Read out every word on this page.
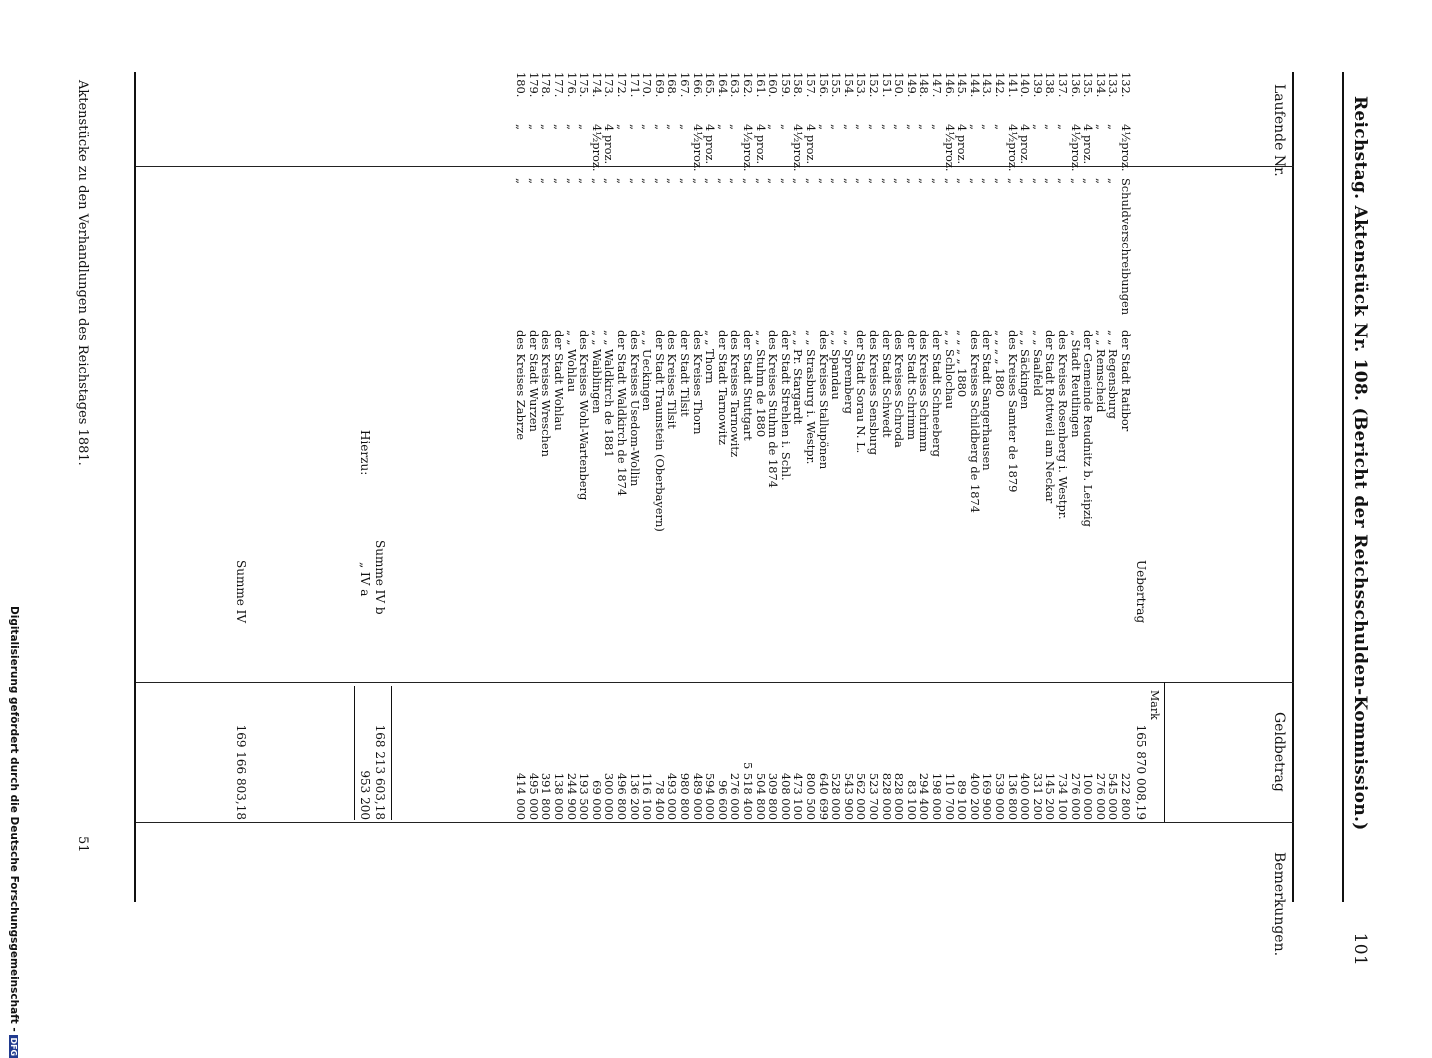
Reichstag. Aktenstück Nr. 108. (Bericht der Reichsschulden-Kommission.)
101
Laufende Nr.
Geldbetrag
Bemerkungen.
Mark
Uebertrag
165 870 008,19
132.
4½proz.
Schuldverschreibungen
der Stadt Ratibor
222 800
133.
„
„
„ „ Regensburg
545 000
134.
„
„
„ „ Remscheid
276 000
135.
4 proz.
„
der Gemeinde Reudnitz b. Leipzig
100 000
136.
4½proz.
„
„ Stadt Reutlingen
276 000
137.
„
„
des Kreises Rosenberg i. Westpr.
734 100
138.
„
„
der Stadt Rottweil am Neckar
145 200
139.
„
„
„ „ Saalfeld
331 200
140.
4 proz.
„
„ „ Säckingen
400 000
141.
4½proz.
„
des Kreises Samter de 1879
136 800
142.
„
„
„ „ „ „ 1880
539 000
143.
„
„
der Stadt Sangerhausen
169 900
144.
„
„
des Kreises Schildberg de 1874
400 200
145.
4 proz.
„
„ „ „ „ 1880
89 100
146.
4½proz.
„
„ „ Schlochau
110 700
147.
„
„
der Stadt Schneeberg
198 000
148.
„
„
des Kreises Schrimm
294 400
149.
„
„
der Stadt Schrimm
83 100
150.
„
„
des Kreises Schroda
828 000
151.
„
„
der Stadt Schwedt
828 000
152.
„
„
des Kreises Sensburg
523 700
153.
„
„
der Stadt Sorau N. L.
562 000
154.
„
„
„ „ Spremberg
543 900
155.
„
„
„ „ Spandau
528 000
156.
„
„
des Kreises Stallupönen
640 699
157.
4 proz.
„
„ „ Strasburg i. Westpr.
800 500
158.
4½proz.
„
„ „ Pr. Stargardt
473 100
159.
„
„
der Stadt Strehlen i. Schl.
408 000
160.
„
„
des Kreises Stuhm de 1874
309 800
161.
4 proz.
„
„ „ Stuhm de 1880
504 800
162.
4½proz.
„
der Stadt Stuttgart
5 518 400
163.
„
„
des Kreises Tarnowitz
276 000
164.
„
„
der Stadt Tarnowitz
96 600
165.
4 proz.
„
„ „ Thorn
594 000
166.
4½proz.
„
des Kreises Thorn
489 000
167.
„
„
der Stadt Tilsit
980 800
168.
„
„
des Kreises Tilsit
493 000
169.
„
„
der Stadt Traunstein (Oberbayern)
78 400
170.
„
„
„ „ Ueckingen
116 100
171.
„
„
des Kreises Usedom-Wollin
136 200
172.
„
„
der Stadt Waldkirch de 1874
496 800
173.
4 proz.
„
„ „ Waldkirch de 1881
300 000
174.
4½proz.
„
„ „ Waiblingen
69 000
175.
„
„
des Kreises Wohl-Wartenberg
193 500
176.
„
„
„ „ Wohlau
244 900
177.
„
„
der Stadt Wohlau
138 000
178.
„
„
des Kreises Wreschen
391 800
179.
„
„
der Stadt Wurzen
495 000
180.
„
„
des Kreises Zabrze
414 000
Summe IV b
168 213 603,18
Hierzu:
„ IV a
953 200
Summe IV
169 166 803,18
Aktenstücke zu den Verhandlungen des Reichstages 1881.
51
Digitalisierung gefördert durch die Deutsche Forschungsgemeinschaft - DFG
